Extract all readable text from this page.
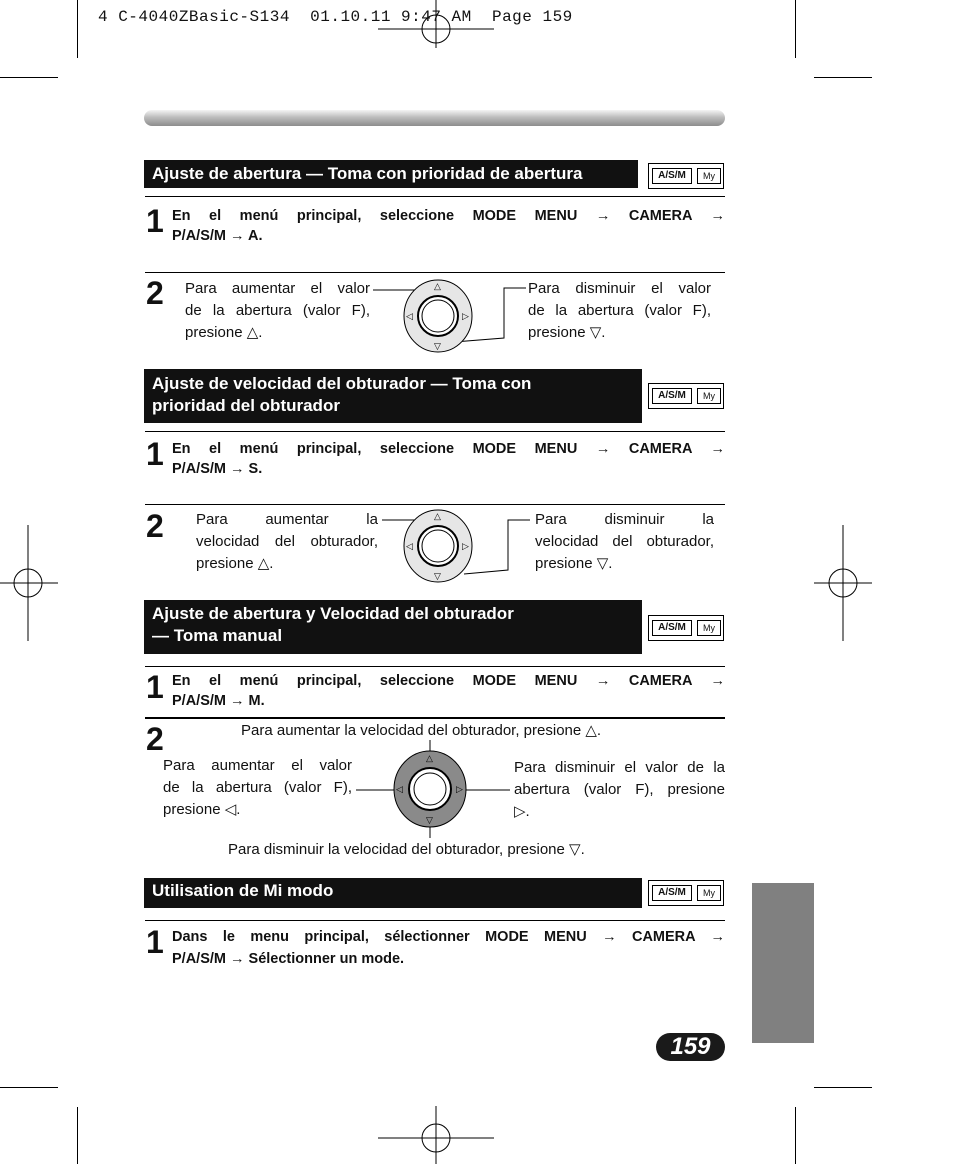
4 C-4040ZBasic-S134  01.10.11 9:47 AM  Page 159
Ajuste de abertura — Toma con prioridad de abertura	A/S/M	My
1 En el menú principal, seleccione MODE MENU → CAMERA →
P/A/S/M → A.
2 Para aumentar el valor
de la abertura (valor F),
presione △.
Para disminuir el valor
de la abertura (valor F),
presione ▽.
△
▽
◁	▷
Ajuste de velocidad del obturador — Toma con
prioridad del obturador
A/S/M	My
1 En el menú principal, seleccione MODE MENU → CAMERA →
P/A/S/M → S.
2 Para aumentar la
velocidad del obturador,
presione △.
Para disminuir la
velocidad del obturador,
presione ▽.
△
▽
◁	▷
Ajuste de abertura y Velocidad del obturador
— Toma manual	A/S/M	My
1 En el menú principal, seleccione MODE MENU → CAMERA →
P/A/S/M → M.
2	Para aumentar la velocidad del obturador, presione △.
Para aumentar el valor
de la abertura (valor F),
presione ◁.
Para disminuir el valor de la
abertura (valor F), presione
▷.
Para disminuir la velocidad del obturador, presione ▽.
△
▽
◁	▷
Utilisation de Mi modo	A/S/M	My
1 Dans le menu principal, sélectionner MODE MENU → CAMERA →
P/A/S/M → Sélectionner un mode.
159
